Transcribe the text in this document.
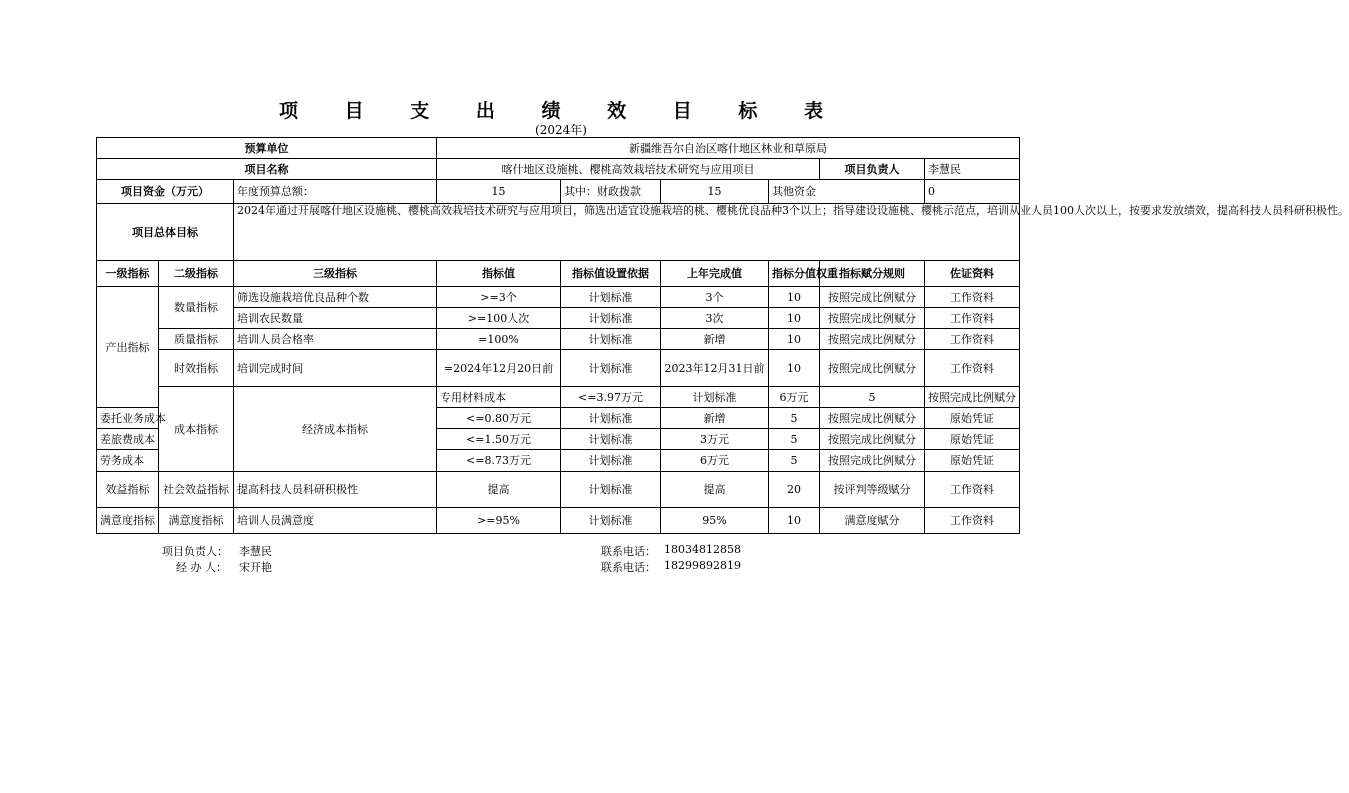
项 目 支 出 绩 效 目 标 表
(2024年)
预算单位			新疆维吾尔自治区喀什地区林业和草原局						
项目名称			喀什地区设施桃、樱桃高效栽培技术研究与应用项目				项目负责人	李慧民	
项目资金（万元）		年度预算总额：	15	其中：财政拨款	15	其他资金		0	
项目总体目标		2024年通过开展喀什地区设施桃、樱桃高效栽培技术研究与应用项目，筛选出适宜设施栽培的桃、樱桃优良品种3个以上；指导建设设施桃、樱桃示范点，培训从业人员100人次以上，按要求发放绩效，提高科技人员科研积极性。							
一级指标	二级指标	三级指标	指标值	指标值设置依据	上年完成值	指标分值权重	指标赋分规则	佐证资料	
产出指标	数量指标	筛选设施栽培优良品种个数	>=3个	计划标准	3个	10	按照完成比例赋分	工作资料	
		培训农民数量	>=100人次	计划标准	3次	10	按照完成比例赋分	工作资料	
	质量指标	培训人员合格率	=100%	计划标准	新增	10	按照完成比例赋分	工作资料	
	时效指标	培训完成时间	=2024年12月20日前	计划标准	2023年12月31日前	10	按照完成比例赋分	工作资料	
	成本指标	经济成本指标	专用材料成本	<=3.97万元	计划标准	6万元	5	按照完成比例赋分	
委托业务成本			<=0.80万元	计划标准	新增	5	按照完成比例赋分	原始凭证	
差旅费成本			<=1.50万元	计划标准	3万元	5	按照完成比例赋分	原始凭证	
劳务成本			<=8.73万元	计划标准	6万元	5	按照完成比例赋分	原始凭证	
效益指标	社会效益指标	提高科技人员科研积极性	提高	计划标准	提高	20	按评判等级赋分	工作资料	
满意度指标	满意度指标	培训人员满意度	>=95%	计划标准	95%	10	满意度赋分	工作资料	
项目负责人： 李慧民
经 办 人： 宋开艳
联系电话： 18034812858
联系电话： 18299892819
